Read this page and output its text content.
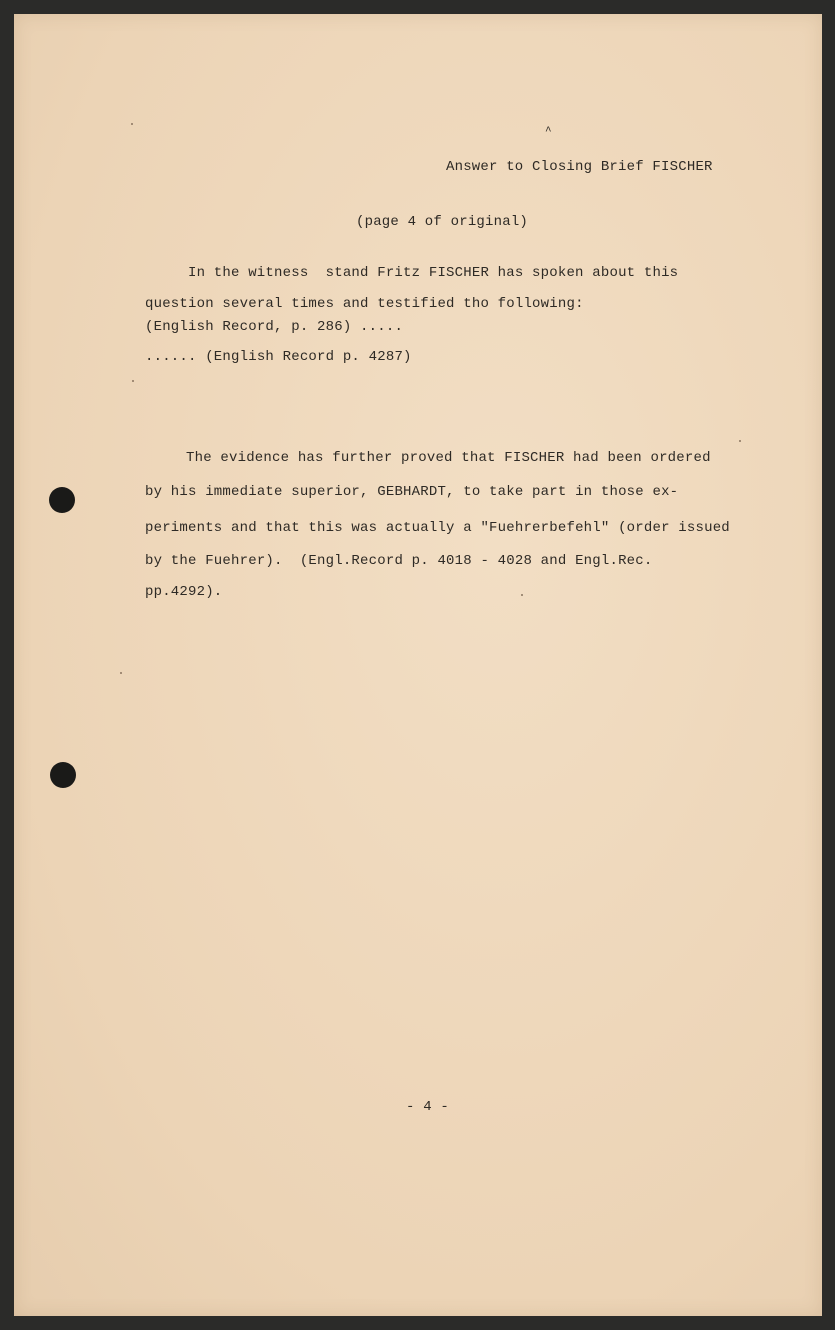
^
Answer to Closing Brief FISCHER
(page 4 of original)
In the witness  stand Fritz FISCHER has spoken about this
question several times and testified tho following:
(English Record, p. 286) .....
...... (English Record p. 4287)
The evidence has further proved that FISCHER had been ordered
by his immediate superior, GEBHARDT, to take part in those ex-
periments and that this was actually a "Fuehrerbefehl" (order issued
by the Fuehrer).  (Engl.Record p. 4018 - 4028 and Engl.Rec.
pp.4292).
- 4 -
